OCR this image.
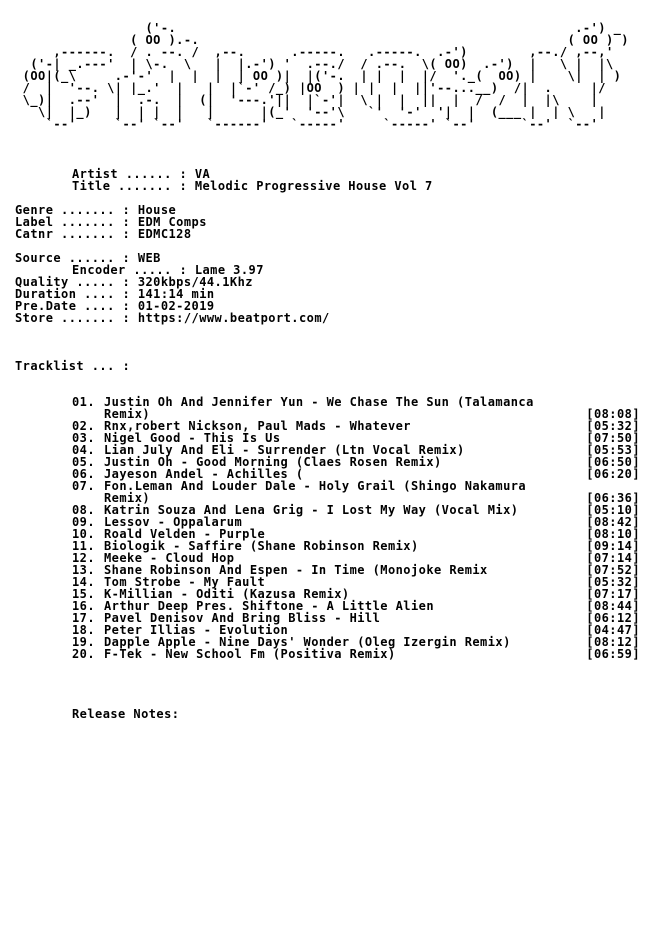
('-.                                                    .-') _
( OO ).-.                                                ( OO ) )
,------.  / . --. /  ,--.      .-----.   .-----.  .-')        ,--./ ,--,'
('-| _.---'  | \-.  \   |  |.-') '  .--./  / .--.  \( OO)  .-')  |   \ |  |\
(OO|(_\     .-'-'  |  |  |  | OO )|  |('-.  | |  |  |/  '._(  OO) |    \|  | )
/  |  '--. \| |_.'  |   |  |`-' /_) |OO  ) | |  |  ||'--...__)  /|  .     |/
\_)|  .--'  |  .-.  |  (|  '---.'||  |`-'|  \ |  |  ||  |  /  /  |  |\    |
\|  |_)   |  | |  |   |      |(_'  '--'\   `'  '-'  '|  |  (___ |  | \   |
`--'     `--' `--'   `------'   `-----'     `-----' `--'      `--'  `--'
Artist ...... : VA
Title ....... : Melodic Progressive House Vol 7
Genre ....... : House
Label ....... : EDM Comps
Catnr ....... : EDMC128
Source ...... : WEB
Encoder ..... : Lame 3.97
Quality ..... : 320kbps/44.1Khz
Duration .... : 141:14 min
Pre.Date .... : 01-02-2019
Store ....... : https://www.beatport.com/
Tracklist ... :
01. Justin Oh And Jennifer Yun - We Chase The Sun (Talamanca
Remix)	[08:08]
02. Rnx,robert Nickson, Paul Mads - Whatever	[05:32]
03. Nigel Good - This Is Us	[07:50]
04. Lian July And Eli - Surrender (Ltn Vocal Remix)	[05:53]
05. Justin Oh - Good Morning (Claes Rosen Remix)	[06:50]
06. Jayeson Andel - Achilles (	[06:20]
07. Fon.Leman And Louder Dale - Holy Grail (Shingo Nakamura
Remix)	[06:36]
08. Katrin Souza And Lena Grig - I Lost My Way (Vocal Mix)	[05:10]
09. Lessov - Oppalarum	[08:42]
10. Roald Velden - Purple	[08:10]
11. Biologik - Saffire (Shane Robinson Remix)	[09:14]
12. Meeke - Cloud Hop	[07:14]
13. Shane Robinson And Espen - In Time (Monojoke Remix	[07:52]
14. Tom Strobe - My Fault	[05:32]
15. K-Millian - Oditi (Kazusa Remix)	[07:17]
16. Arthur Deep Pres. Shiftone - A Little Alien	[08:44]
17. Pavel Denisov And Bring Bliss - Hill	[06:12]
18. Peter Illias - Evolution	[04:47]
19. Dapple Apple - Nine Days' Wonder (Oleg Izergin Remix)	[08:12]
20. F-Tek - New School Fm (Positiva Remix)	[06:59]
Release Notes:
